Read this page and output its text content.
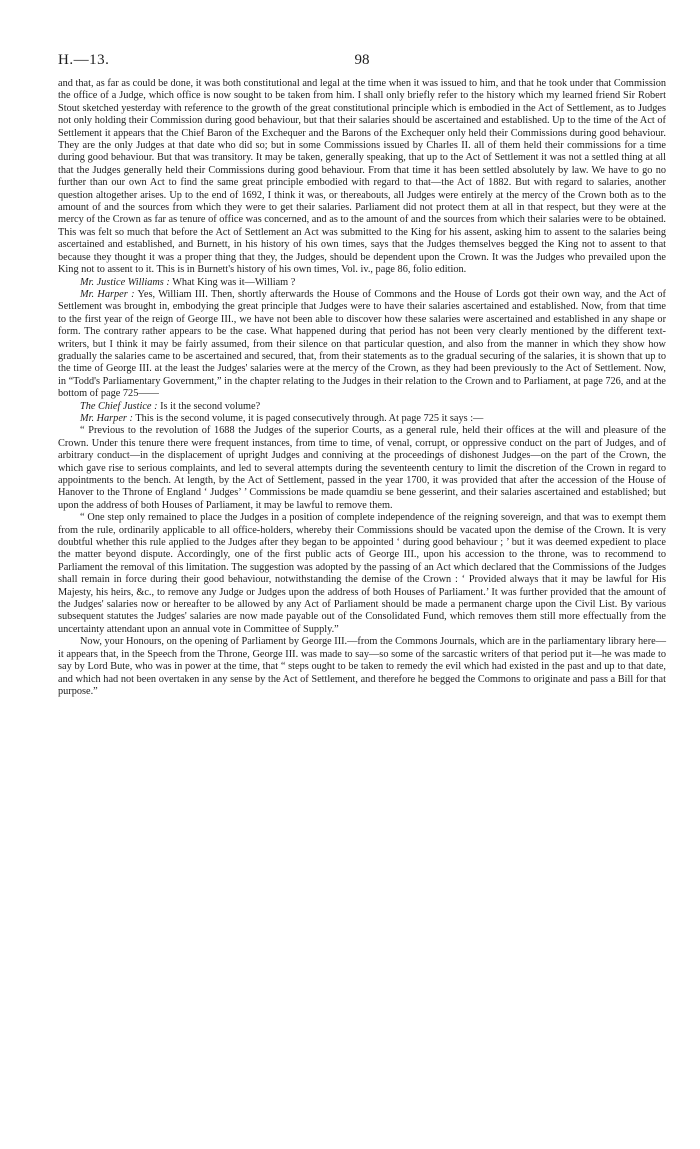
H.—13.	98

and that, as far as could be done, it was both constitutional and legal at the time when it was issued to him, and that he took under that Commission the office of a Judge, which office is now sought to be taken from him. I shall only briefly refer to the history which my learned friend Sir Robert Stout sketched yesterday with reference to the growth of the great constitutional principle which is embodied in the Act of Settlement, as to Judges not only holding their Commission during good behaviour, but that their salaries should be ascertained and established. Up to the time of the Act of Settlement it appears that the Chief Baron of the Exchequer and the Barons of the Exchequer only held their Commissions during good behaviour. They are the only Judges at that date who did so; but in some Commissions issued by Charles II. all of them held their commissions for a time during good behaviour. But that was transitory. It may be taken, generally speaking, that up to the Act of Settlement it was not a settled thing at all that the Judges generally held their Commissions during good behaviour. From that time it has been settled absolutely by law. We have to go no further than our own Act to find the same great principle embodied with regard to that—the Act of 1882. But with regard to salaries, another question altogether arises. Up to the end of 1692, I think it was, or thereabouts, all Judges were entirely at the mercy of the Crown both as to the amount of and the sources from which they were to get their salaries. Parliament did not protect them at all in that respect, but they were at the mercy of the Crown as far as tenure of office was concerned, and as to the amount of and the sources from which their salaries were to be obtained. This was felt so much that before the Act of Settlement an Act was submitted to the King for his assent, asking him to assent to the salaries being ascertained and established, and Burnett, in his history of his own times, says that the Judges themselves begged the King not to assent to that because they thought it was a proper thing that they, the Judges, should be dependent upon the Crown. It was the Judges who prevailed upon the King not to assent to it. This is in Burnett's history of his own times, Vol. iv., page 86, folio edition.

Mr. Justice Williams : What King was it—William ?

Mr. Harper : Yes, William III. Then, shortly afterwards the House of Commons and the House of Lords got their own way, and the Act of Settlement was brought in, embodying the great principle that Judges were to have their salaries ascertained and established. Now, from that time to the first year of the reign of George III., we have not been able to discover how these salaries were ascertained and established in any shape or form. The contrary rather appears to be the case. What happened during that period has not been very clearly mentioned by the different text-writers, but I think it may be fairly assumed, from their silence on that particular question, and also from the manner in which they show how gradually the salaries came to be ascertained and secured, that, from their statements as to the gradual securing of the salaries, it is shown that up to the time of George III. at the least the Judges' salaries were at the mercy of the Crown, as they had been previously to the Act of Settlement. Now, in “Todd's Parliamentary Government,” in the chapter relating to the Judges in their relation to the Crown and to Parliament, at page 726, and at the bottom of page 725——

The Chief Justice : Is it the second volume?

Mr. Harper : This is the second volume, it is paged consecutively through. At page 725 it says :—

“ Previous to the revolution of 1688 the Judges of the superior Courts, as a general rule, held their offices at the will and pleasure of the Crown. Under this tenure there were frequent instances, from time to time, of venal, corrupt, or oppressive conduct on the part of Judges, and of arbitrary conduct—in the displacement of upright Judges and conniving at the proceedings of dishonest Judges—on the part of the Crown, the which gave rise to serious complaints, and led to several attempts during the seventeenth century to limit the discretion of the Crown in regard to appointments to the bench. At length, by the Act of Settlement, passed in the year 1700, it was provided that after the accession of the House of Hanover to the Throne of England ‘ Judges’ ’ Commissions be made quamdiu se bene gesserint, and their salaries ascertained and established; but upon the address of both Houses of Parliament, it may be lawful to remove them.

“ One step only remained to place the Judges in a position of complete independence of the reigning sovereign, and that was to exempt them from the rule, ordinarily applicable to all office-holders, whereby their Commissions should be vacated upon the demise of the Crown. It is very doubtful whether this rule applied to the Judges after they began to be appointed ‘ during good behaviour ; ’ but it was deemed expedient to place the matter beyond dispute. Accordingly, one of the first public acts of George III., upon his accession to the throne, was to recommend to Parliament the removal of this limitation. The suggestion was adopted by the passing of an Act which declared that the Commissions of the Judges shall remain in force during their good behaviour, notwithstanding the demise of the Crown : ‘ Provided always that it may be lawful for His Majesty, his heirs, &c., to remove any Judge or Judges upon the address of both Houses of Parliament.’ It was further provided that the amount of the Judges' salaries now or hereafter to be allowed by any Act of Parliament should be made a permanent charge upon the Civil List. By various subsequent statutes the Judges' salaries are now made payable out of the Consolidated Fund, which removes them still more effectually from the uncertainty attendant upon an annual vote in Committee of Supply.”

Now, your Honours, on the opening of Parliament by George III.—from the Commons Journals, which are in the parliamentary library here—it appears that, in the Speech from the Throne, George III. was made to say—so some of the sarcastic writers of that period put it—he was made to say by Lord Bute, who was in power at the time, that “ steps ought to be taken to remedy the evil which had existed in the past and up to that date, and which had not been overtaken in any sense by the Act of Settlement, and therefore he begged the Commons to originate and pass a Bill for that purpose.”
